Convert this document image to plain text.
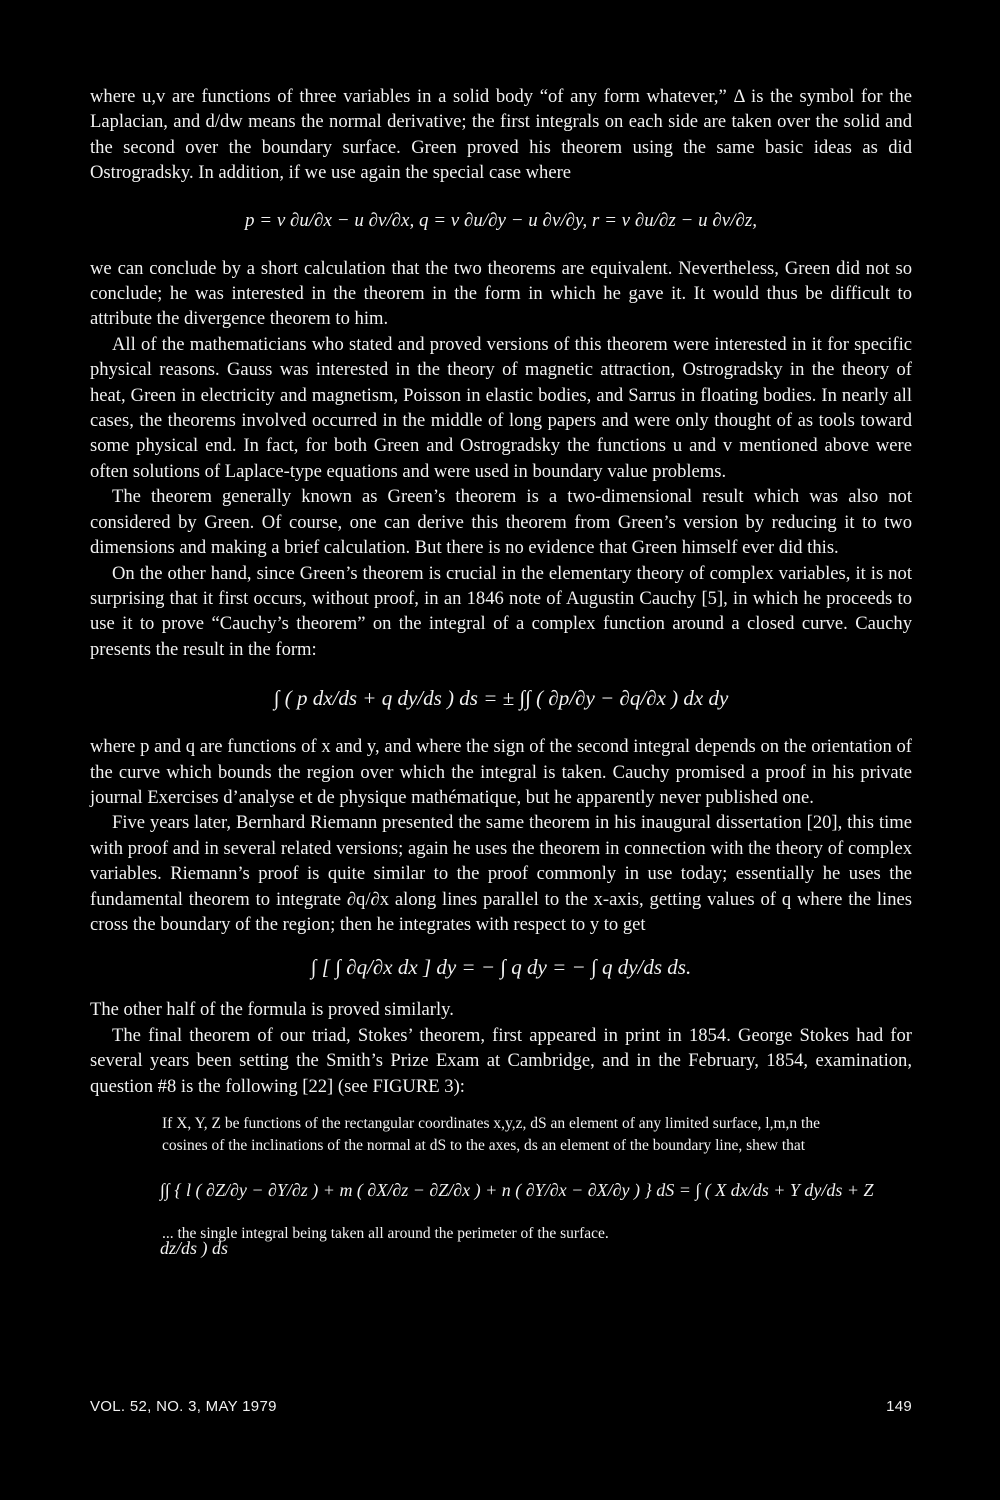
where u,v are functions of three variables in a solid body “of any form whatever,” Δ is the symbol for the Laplacian, and d/dw means the normal derivative; the first integrals on each side are taken over the solid and the second over the boundary surface. Green proved his theorem using the same basic ideas as did Ostrogradsky. In addition, if we use again the special case where

p = v ∂u/∂x − u ∂v/∂x, q = v ∂u/∂y − u ∂v/∂y, r = v ∂u/∂z − u ∂v/∂z,

we can conclude by a short calculation that the two theorems are equivalent. Nevertheless, Green did not so conclude; he was interested in the theorem in the form in which he gave it. It would thus be difficult to attribute the divergence theorem to him.

All of the mathematicians who stated and proved versions of this theorem were interested in it for specific physical reasons. Gauss was interested in the theory of magnetic attraction, Ostrogradsky in the theory of heat, Green in electricity and magnetism, Poisson in elastic bodies, and Sarrus in floating bodies. In nearly all cases, the theorems involved occurred in the middle of long papers and were only thought of as tools toward some physical end. In fact, for both Green and Ostrogradsky the functions u and v mentioned above were often solutions of Laplace-type equations and were used in boundary value problems.

The theorem generally known as Green’s theorem is a two-dimensional result which was also not considered by Green. Of course, one can derive this theorem from Green’s version by reducing it to two dimensions and making a brief calculation. But there is no evidence that Green himself ever did this.

On the other hand, since Green’s theorem is crucial in the elementary theory of complex variables, it is not surprising that it first occurs, without proof, in an 1846 note of Augustin Cauchy [5], in which he proceeds to use it to prove “Cauchy’s theorem” on the integral of a complex function around a closed curve. Cauchy presents the result in the form:

∫ ( p dx/ds + q dy/ds ) ds = ± ∫∫ ( ∂p/∂y − ∂q/∂x ) dx dy

where p and q are functions of x and y, and where the sign of the second integral depends on the orientation of the curve which bounds the region over which the integral is taken. Cauchy promised a proof in his private journal Exercises d’analyse et de physique mathématique, but he apparently never published one.

Five years later, Bernhard Riemann presented the same theorem in his inaugural dissertation [20], this time with proof and in several related versions; again he uses the theorem in connection with the theory of complex variables. Riemann’s proof is quite similar to the proof commonly in use today; essentially he uses the fundamental theorem to integrate ∂q/∂x along lines parallel to the x-axis, getting values of q where the lines cross the boundary of the region; then he integrates with respect to y to get

∫ [ ∫ ∂q/∂x dx ] dy = − ∫ q dy = − ∫ q dy/ds ds.

The other half of the formula is proved similarly.

The final theorem of our triad, Stokes’ theorem, first appeared in print in 1854. George Stokes had for several years been setting the Smith’s Prize Exam at Cambridge, and in the February, 1854, examination, question #8 is the following [22] (see FIGURE 3):

If X, Y, Z be functions of the rectangular coordinates x,y,z, dS an element of any limited surface, l,m,n the cosines of the inclinations of the normal at dS to the axes, ds an element of the boundary line, shew that
∫∫ { l ( ∂Z/∂y − ∂Y/∂z ) + m ( ∂X/∂z − ∂Z/∂x ) + n ( ∂Y/∂x − ∂X/∂y ) } dS = ∫ ( X dx/ds + Y dy/ds + Z dz/ds ) ds
... the single integral being taken all around the perimeter of the surface.
VOL. 52, NO. 3, MAY 1979	149
